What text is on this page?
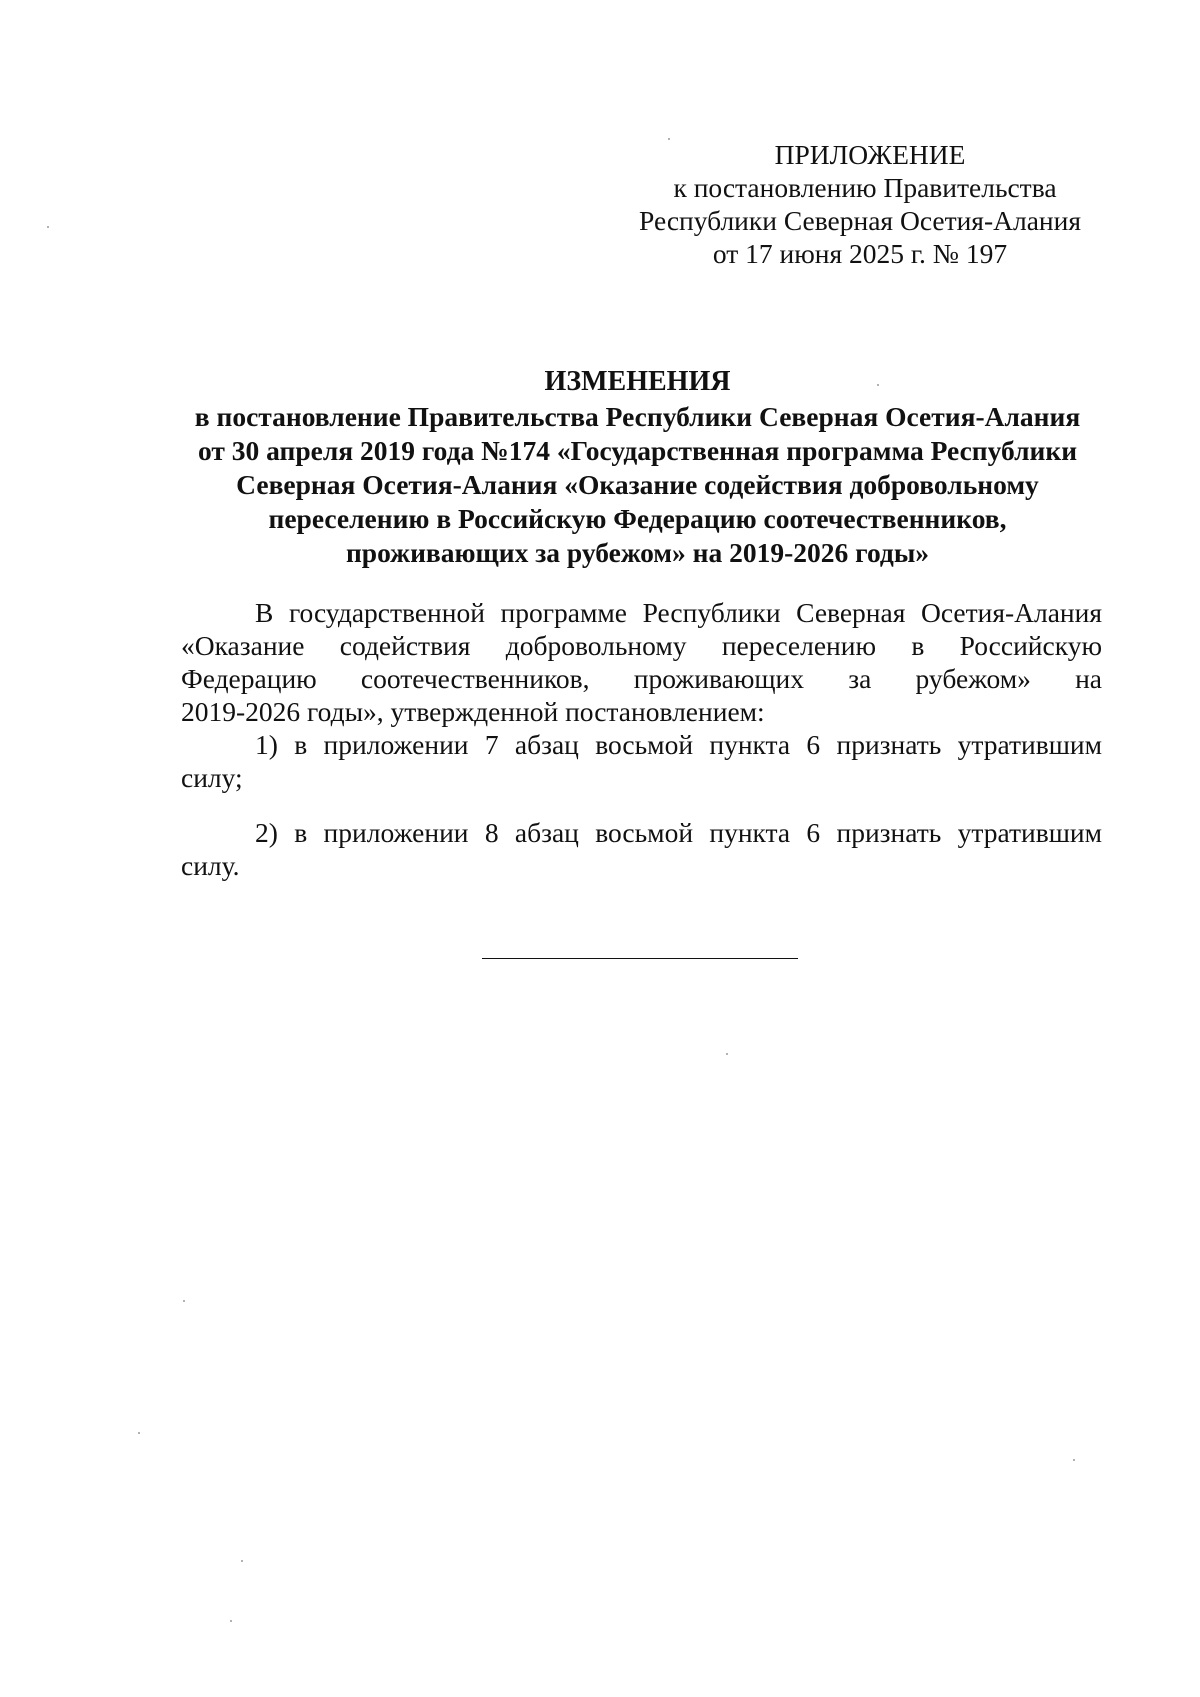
ПРИЛОЖЕНИЕ
к постановлению Правительства
Республики Северная Осетия-Алания
от 17 июня 2025 г. № 197
ИЗМЕНЕНИЯ
в постановление Правительства Республики Северная Осетия-Алания
от 30 апреля 2019 года №174 «Государственная программа Республики
Северная Осетия-Алания «Оказание содействия добровольному
переселению в Российскую Федерацию соотечественников,
проживающих за рубежом» на 2019-2026 годы»
В государственной программе Республики Северная Осетия-Алания
«Оказание содействия добровольному переселению в Российскую
Федерацию соотечественников, проживающих за рубежом» на
2019-2026 годы», утвержденной постановлением:
1) в приложении 7 абзац восьмой пункта 6 признать утратившим
силу;
2) в приложении 8 абзац восьмой пункта 6 признать утратившим
силу.
